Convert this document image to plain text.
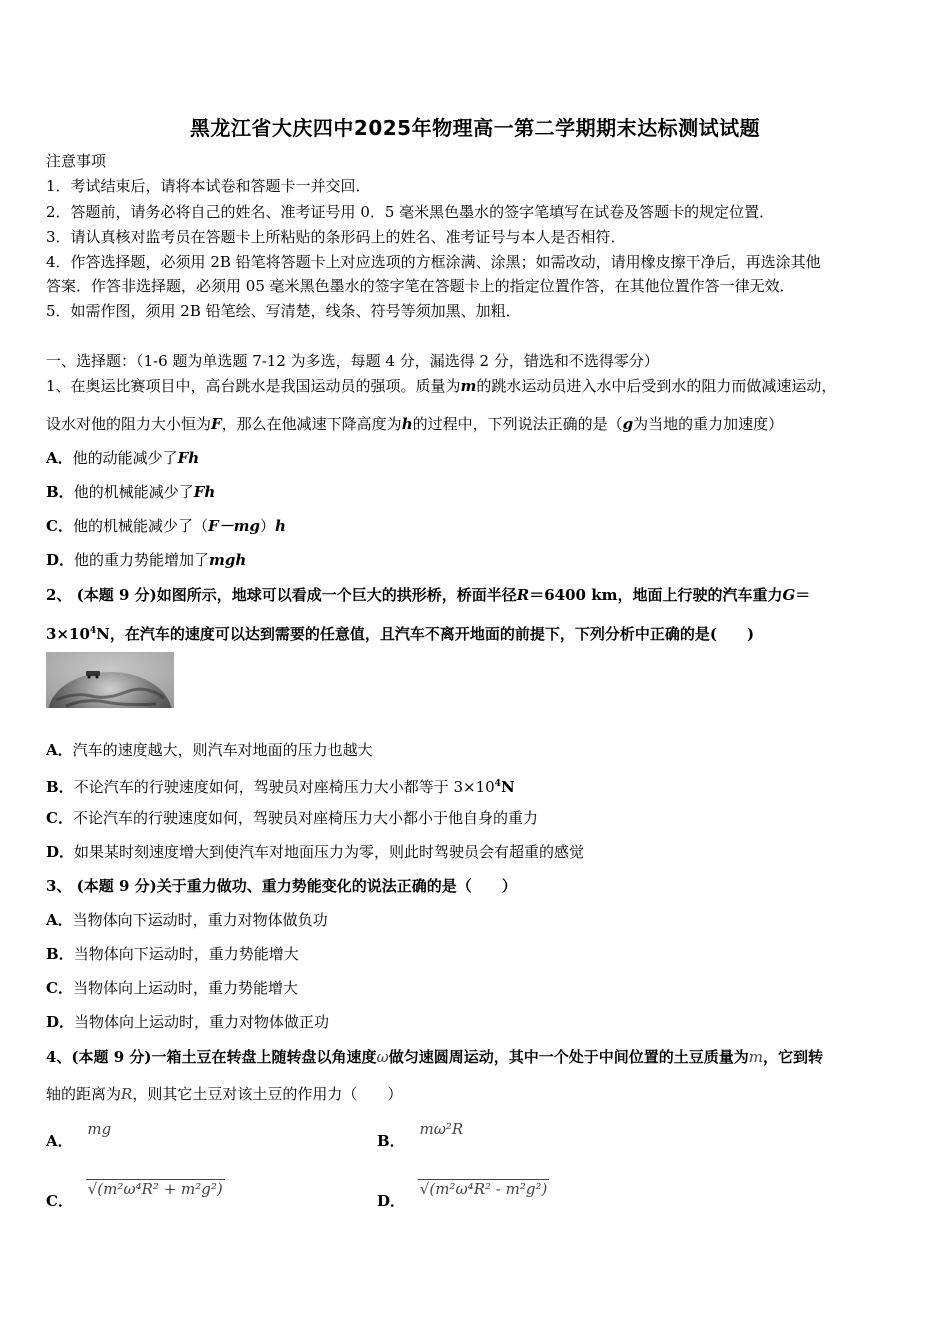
黑龙江省大庆四中2025年物理高一第二学期期末达标测试试题
注意事项
1．考试结束后，请将本试卷和答题卡一并交回．
2．答题前，请务必将自己的姓名、准考证号用 0．5 毫米黑色墨水的签字笔填写在试卷及答题卡的规定位置．
3．请认真核对监考员在答题卡上所粘贴的条形码上的姓名、准考证号与本人是否相符．
4．作答选择题，必须用 2B 铅笔将答题卡上对应选项的方框涂满、涂黑；如需改动，请用橡皮擦干净后，再选涂其他
答案．作答非选择题，必须用 05 毫米黑色墨水的签字笔在答题卡上的指定位置作答，在其他位置作答一律无效．
5．如需作图，须用 2B 铅笔绘、写清楚，线条、符号等须加黑、加粗．
一、选择题：（1-6 题为单选题 7-12 为多选，每题 4 分，漏选得 2 分，错选和不选得零分）
1、在奥运比赛项目中，高台跳水是我国运动员的强项。质量为m的跳水运动员进入水中后受到水的阻力而做减速运动，
设水对他的阻力大小恒为F，那么在他减速下降高度为h的过程中，下列说法正确的是（g为当地的重力加速度）
A．他的动能减少了Fh
B．他的机械能减少了Fh
C．他的机械能减少了（F－mg）h
D．他的重力势能增加了mgh
2、 (本题 9 分)如图所示，地球可以看成一个巨大的拱形桥，桥面半径R＝6400 km，地面上行驶的汽车重力G＝
$3\times 10^4N$，在汽车的速度可以达到需要的任意值，且汽车不离开地面的前提下，下列分析中正确的是(　　)
A．汽车的速度越大，则汽车对地面的压力也越大
B．不论汽车的行驶速度如何，驾驶员对座椅压力大小都等于 $3\times 10^4N$
C．不论汽车的行驶速度如何，驾驶员对座椅压力大小都小于他自身的重力
D．如果某时刻速度增大到使汽车对地面压力为零，则此时驾驶员会有超重的感觉
3、 (本题 9 分)关于重力做功、重力势能变化的说法正确的是（　　）
A．当物体向下运动时，重力对物体做负功
B．当物体向下运动时，重力势能增大
C．当物体向上运动时，重力势能增大
D．当物体向上运动时，重力对物体做正功
4、(本题 9 分)一箱土豆在转盘上随转盘以角速度ω做匀速圆周运动，其中一个处于中间位置的土豆质量为m，它到转
轴的距离为R，则其它土豆对该土豆的作用力（　　）
A． mg
B． mω²R
C． √(m²ω⁴R² + m²g²)
D． √(m²ω⁴R² - m²g²)
